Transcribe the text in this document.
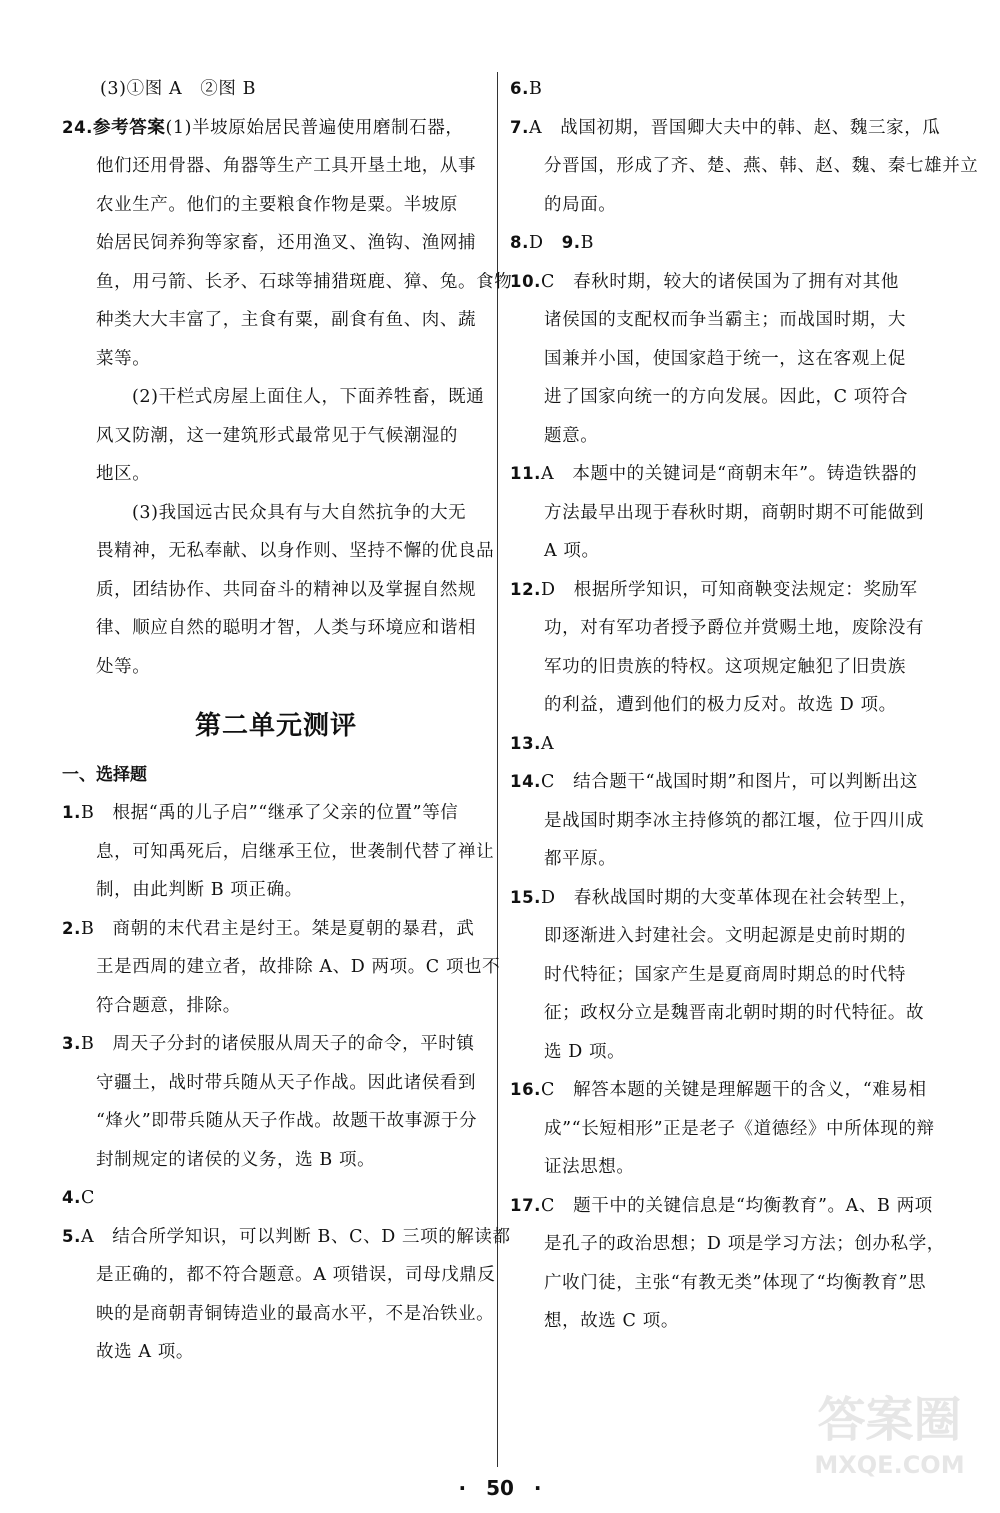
(3)①图 A　②图 B
24.参考答案(1)半坡原始居民普遍使用磨制石器，
他们还用骨器、角器等生产工具开垦土地，从事
农业生产。他们的主要粮食作物是粟。半坡原
始居民饲养狗等家畜，还用渔叉、渔钩、渔网捕
鱼，用弓箭、长矛、石球等捕猎斑鹿、獐、兔。食物
种类大大丰富了，主食有粟，副食有鱼、肉、蔬
菜等。
(2)干栏式房屋上面住人，下面养牲畜，既通
风又防潮，这一建筑形式最常见于气候潮湿的
地区。
(3)我国远古民众具有与大自然抗争的大无
畏精神，无私奉献、以身作则、坚持不懈的优良品
质，团结协作、共同奋斗的精神以及掌握自然规
律、顺应自然的聪明才智，人类与环境应和谐相
处等。
第二单元测评
一、选择题
1.B　根据“禹的儿子启”“继承了父亲的位置”等信
息，可知禹死后，启继承王位，世袭制代替了禅让
制，由此判断 B 项正确。
2.B　商朝的末代君主是纣王。桀是夏朝的暴君，武
王是西周的建立者，故排除 A、D 两项。C 项也不
符合题意，排除。
3.B　周天子分封的诸侯服从周天子的命令，平时镇
守疆土，战时带兵随从天子作战。因此诸侯看到
“烽火”即带兵随从天子作战。故题干故事源于分
封制规定的诸侯的义务，选 B 项。
4.C
5.A　结合所学知识，可以判断 B、C、D 三项的解读都
是正确的，都不符合题意。A 项错误，司母戊鼎反
映的是商朝青铜铸造业的最高水平，不是冶铁业。
故选 A 项。
6.B
7.A　战国初期，晋国卿大夫中的韩、赵、魏三家，瓜
分晋国，形成了齐、楚、燕、韩、赵、魏、秦七雄并立
的局面。
8.D　9.B
10.C　春秋时期，较大的诸侯国为了拥有对其他
诸侯国的支配权而争当霸主；而战国时期，大
国兼并小国，使国家趋于统一，这在客观上促
进了国家向统一的方向发展。因此，C 项符合
题意。
11.A　本题中的关键词是“商朝末年”。铸造铁器的
方法最早出现于春秋时期，商朝时期不可能做到
A 项。
12.D　根据所学知识，可知商鞅变法规定：奖励军
功，对有军功者授予爵位并赏赐土地，废除没有
军功的旧贵族的特权。这项规定触犯了旧贵族
的利益，遭到他们的极力反对。故选 D 项。
13.A
14.C　结合题干“战国时期”和图片，可以判断出这
是战国时期李冰主持修筑的都江堰，位于四川成
都平原。
15.D　春秋战国时期的大变革体现在社会转型上，
即逐渐进入封建社会。文明起源是史前时期的
时代特征；国家产生是夏商周时期总的时代特
征；政权分立是魏晋南北朝时期的时代特征。故
选 D 项。
16.C　解答本题的关键是理解题干的含义，“难易相
成”“长短相形”正是老子《道德经》中所体现的辩
证法思想。
17.C　题干中的关键信息是“均衡教育”。A、B 两项
是孔子的政治思想；D 项是学习方法；创办私学，
广收门徒，主张“有教无类”体现了“均衡教育”思
想，故选 C 项。
·　50　·
答案圈
MXQE.COM
